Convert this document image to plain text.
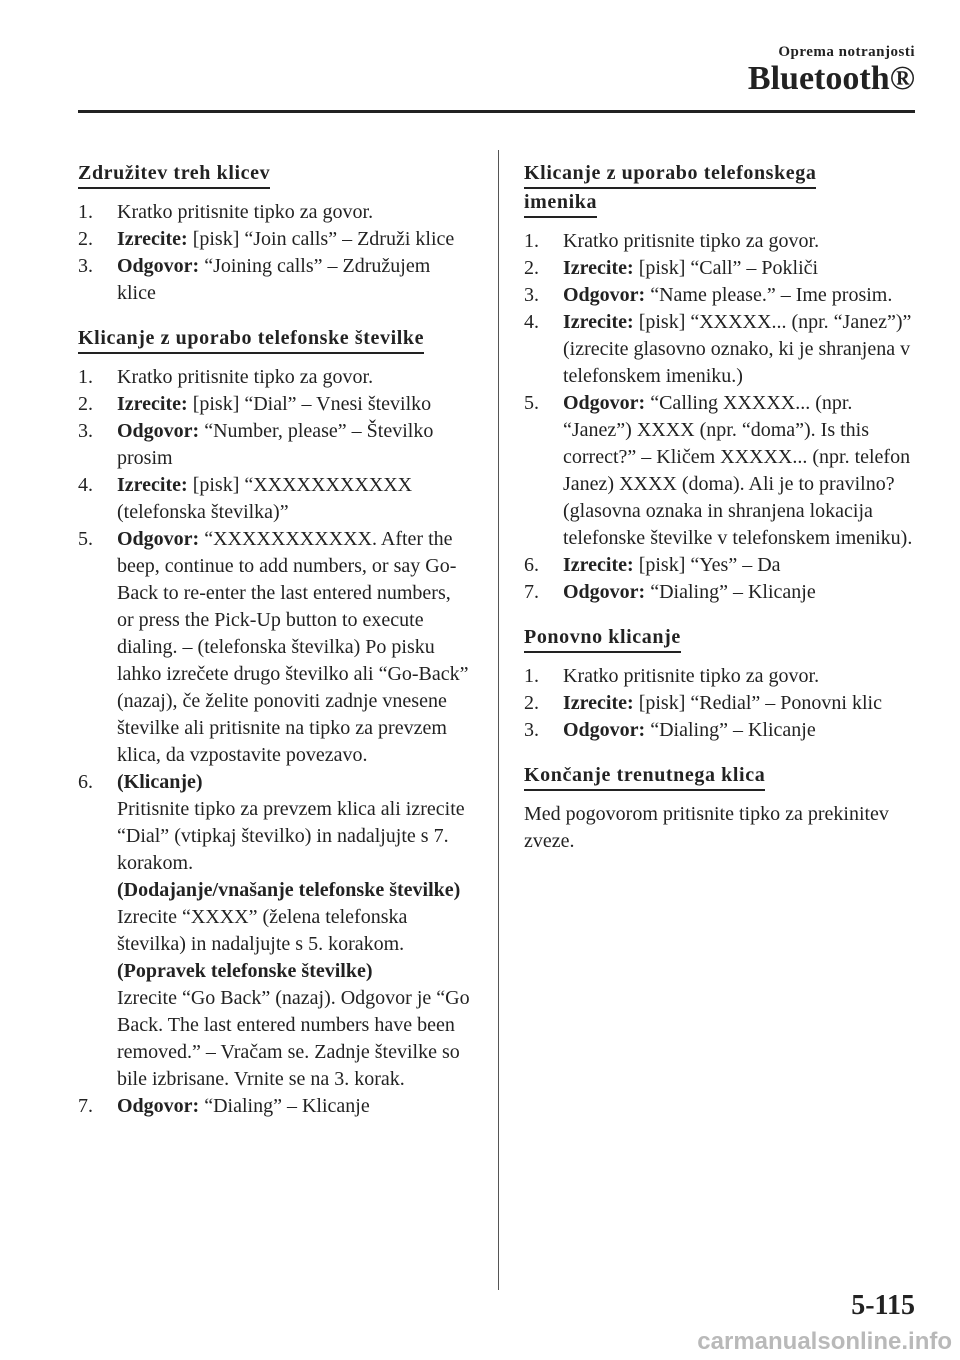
Oprema notranjosti
Bluetooth®
Združitev treh klicev
1. Kratko pritisnite tipko za govor.
2. Izrecite: [pisk] “Join calls” – Združi klice
3. Odgovor: “Joining calls” – Združujem klice
Klicanje z uporabo telefonske številke
1. Kratko pritisnite tipko za govor.
2. Izrecite: [pisk] “Dial” – Vnesi številko
3. Odgovor: “Number, please” – Številko prosim
4. Izrecite: [pisk] “XXXXXXXXXXX (telefonska številka)”
5. Odgovor: “XXXXXXXXXXX. After the beep, continue to add numbers, or say Go-Back to re-enter the last entered numbers, or press the Pick-Up button to execute dialing. – (telefonska številka) Po pisku lahko izrečete drugo številko ali “Go-Back” (nazaj), če želite ponoviti zadnje vnesene številke ali pritisnite na tipko za prevzem klica, da vzpostavite povezavo.
6. (Klicanje)
Pritisnite tipko za prevzem klica ali izrecite “Dial” (vtipkaj številko) in nadaljujte s 7. korakom.
(Dodajanje/vnašanje telefonske številke)
Izrecite “XXXX” (želena telefonska številka) in nadaljujte s 5. korakom.
(Popravek telefonske številke)
Izrecite “Go Back” (nazaj). Odgovor je “Go Back. The last entered numbers have been removed.” – Vračam se. Zadnje številke so bile izbrisane. Vrnite se na 3. korak.
7. Odgovor: “Dialing” – Klicanje
Klicanje z uporabo telefonskega
imenika
1. Kratko pritisnite tipko za govor.
2. Izrecite: [pisk] “Call” – Pokliči
3. Odgovor: “Name please.” – Ime prosim.
4. Izrecite: [pisk] “XXXXX... (npr. “Janez”)” (izrecite glasovno oznako, ki je shranjena v telefonskem imeniku.)
5. Odgovor: “Calling XXXXX... (npr. “Janez”) XXXX (npr. “doma”). Is this correct?” – Kličem XXXXX... (npr. telefon Janez) XXXX (doma). Ali je to pravilno? (glasovna oznaka in shranjena lokacija telefonske številke v telefonskem imeniku).
6. Izrecite: [pisk] “Yes” – Da
7. Odgovor: “Dialing” – Klicanje
Ponovno klicanje
1. Kratko pritisnite tipko za govor.
2. Izrecite: [pisk] “Redial” – Ponovni klic
3. Odgovor: “Dialing” – Klicanje
Končanje trenutnega klica

Med pogovorom pritisnite tipko za prekinitev zveze.

5-115
carmanualsonline.info
